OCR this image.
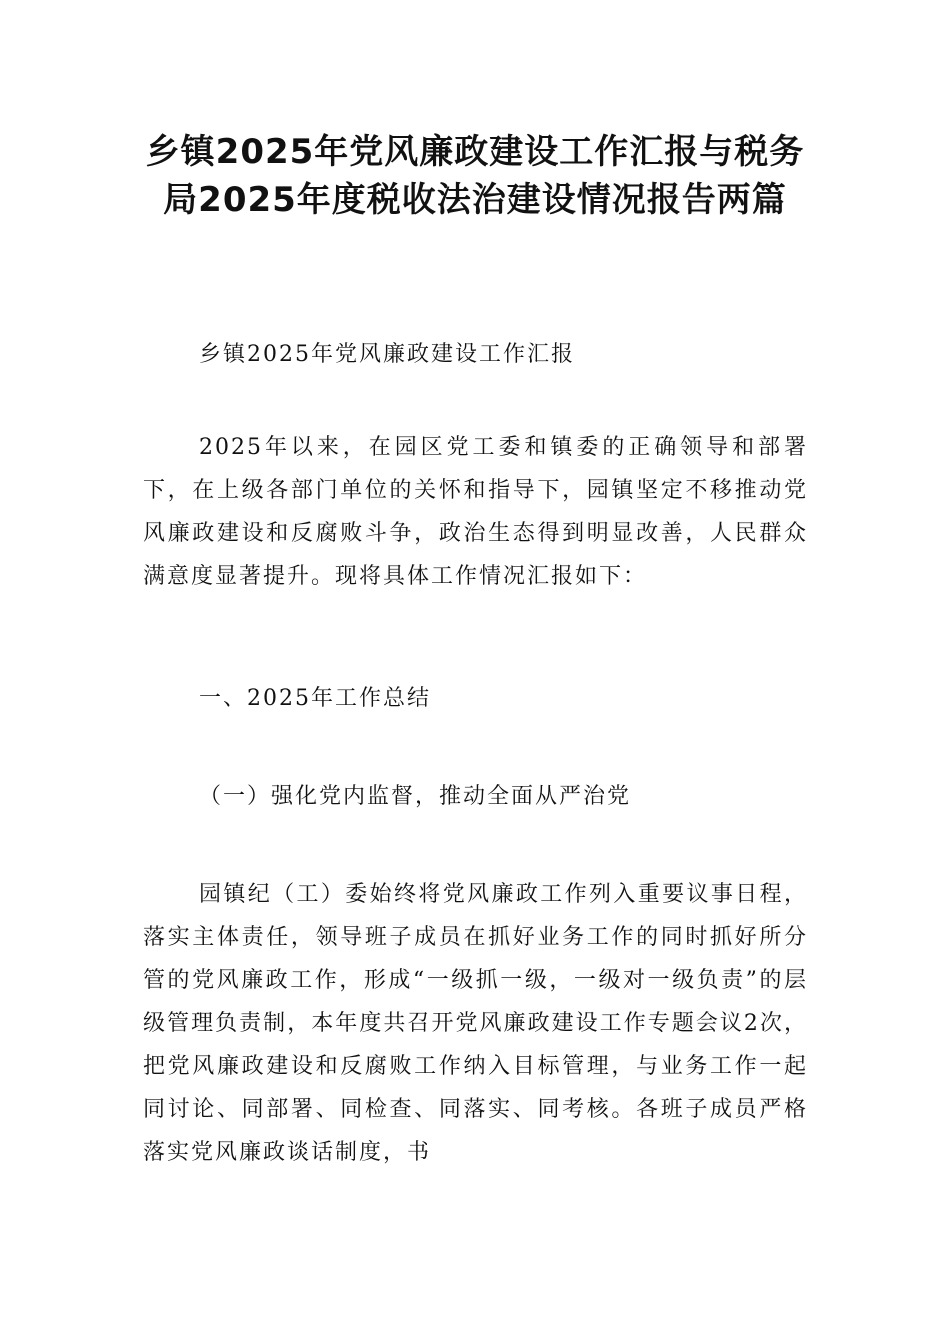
乡镇2025年党风廉政建设工作汇报与税务
局2025年度税收法治建设情况报告两篇

乡镇2025年党风廉政建设工作汇报

2025年以来，在园区党工委和镇委的正确领导和部署下，在上级各部门单位的关怀和指导下，园镇坚定不移推动党风廉政建设和反腐败斗争，政治生态得到明显改善，人民群众满意度显著提升。现将具体工作情况汇报如下：

一、2025年工作总结

（一）强化党内监督，推动全面从严治党

园镇纪（工）委始终将党风廉政工作列入重要议事日程，落实主体责任，领导班子成员在抓好业务工作的同时抓好所分管的党风廉政工作，形成“一级抓一级，一级对一级负责”的层级管理负责制，本年度共召开党风廉政建设工作专题会议2次，把党风廉政建设和反腐败工作纳入目标管理，与业务工作一起同讨论、同部署、同检查、同落实、同考核。各班子成员严格落实党风廉政谈话制度，书
